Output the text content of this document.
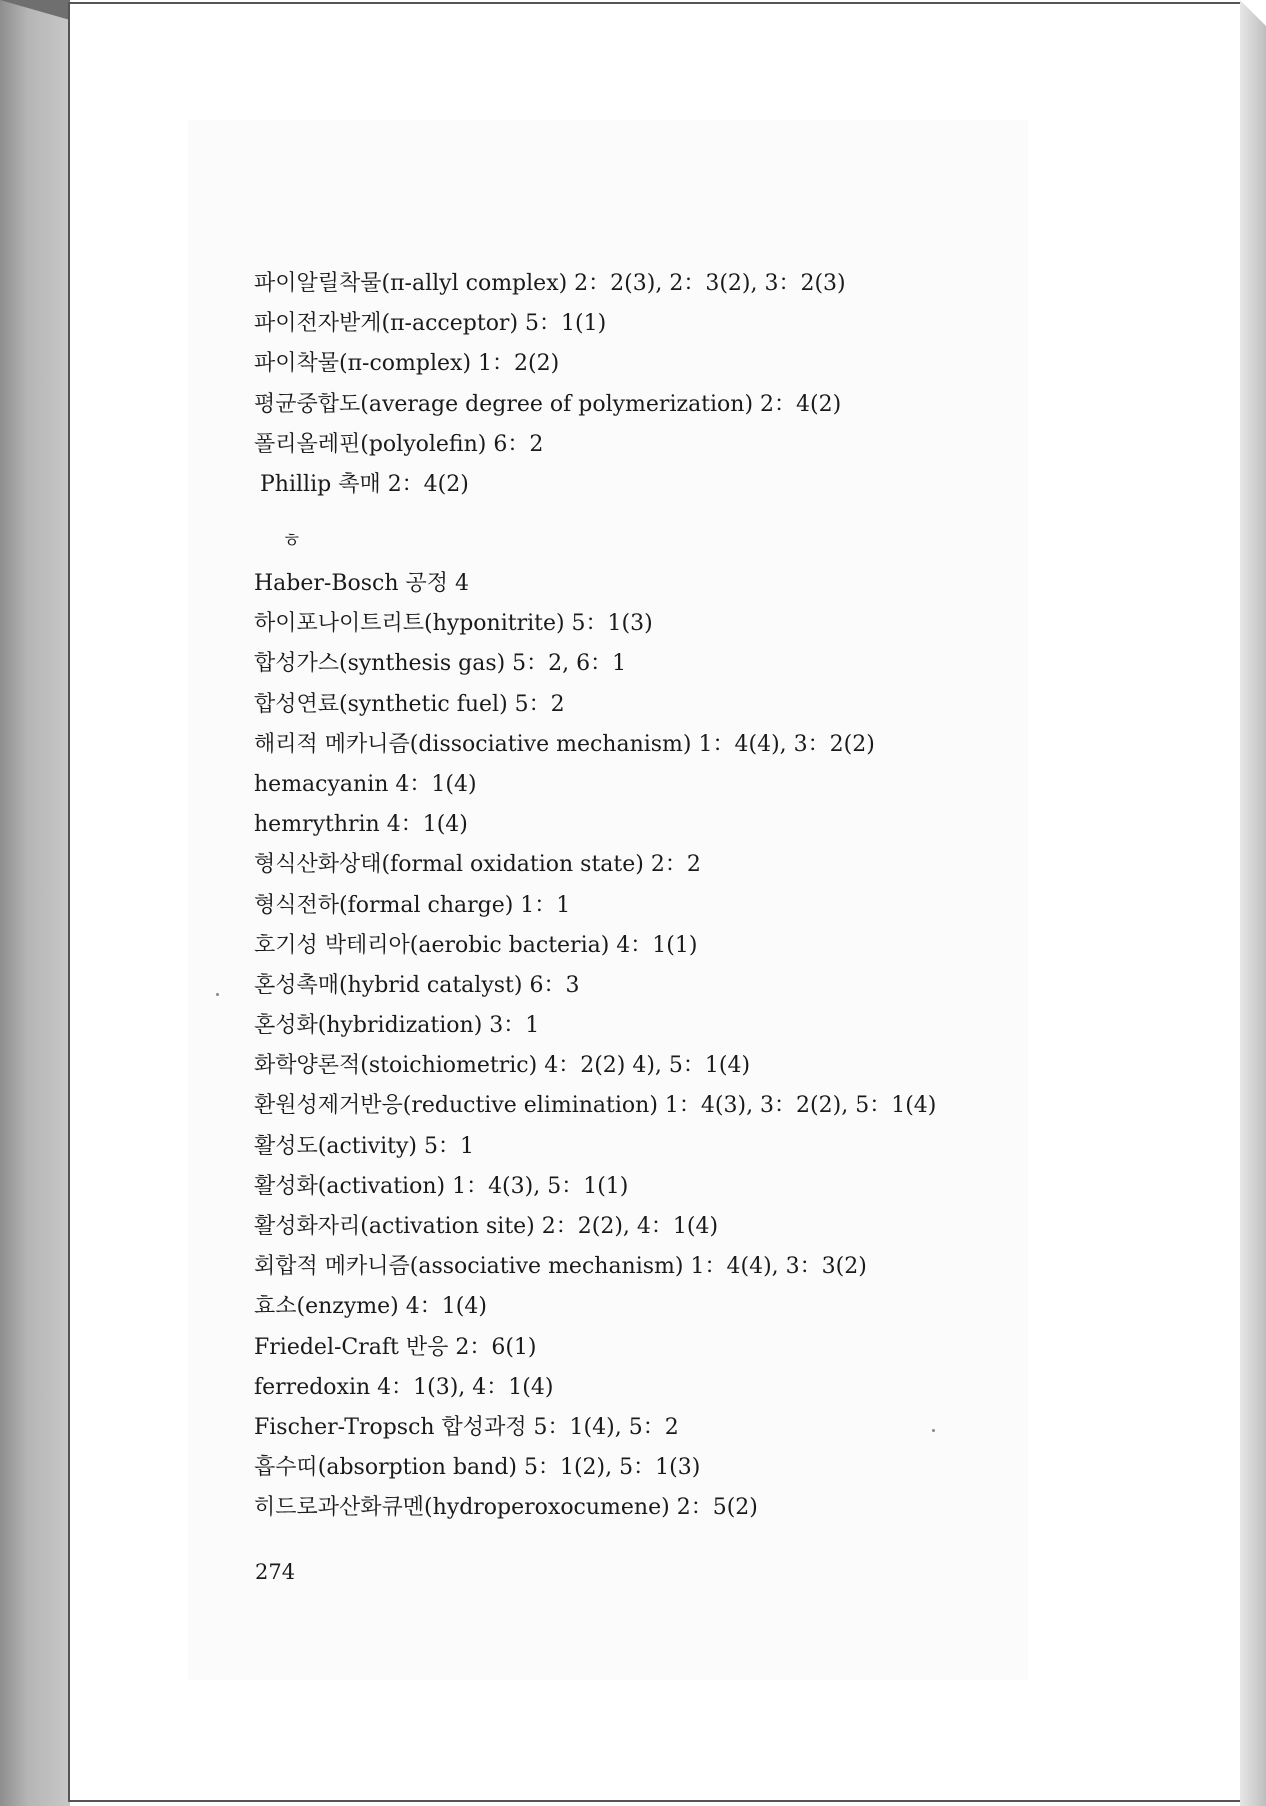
파이알릴착물(π-allyl complex) 2：2(3), 2：3(2), 3：2(3)
파이전자받게(π-acceptor) 5：1(1)
파이착물(π-complex) 1：2(2)
평균중합도(average degree of polymerization) 2：4(2)
폴리올레핀(polyolefin) 6：2
Phillip 촉매 2：4(2)
ㅎ
Haber-Bosch 공정 4
하이포나이트리트(hyponitrite) 5：1(3)
합성가스(synthesis gas) 5：2, 6：1
합성연료(synthetic fuel) 5：2
해리적 메카니즘(dissociative mechanism) 1：4(4), 3：2(2)
hemacyanin 4：1(4)
hemrythrin 4：1(4)
형식산화상태(formal oxidation state) 2：2
형식전하(formal charge) 1：1
호기성 박테리아(aerobic bacteria) 4：1(1)
혼성촉매(hybrid catalyst) 6：3
혼성화(hybridization) 3：1
화학양론적(stoichiometric) 4：2(2) 4), 5：1(4)
환원성제거반응(reductive elimination) 1：4(3), 3：2(2), 5：1(4)
활성도(activity) 5：1
활성화(activation) 1：4(3), 5：1(1)
활성화자리(activation site) 2：2(2), 4：1(4)
회합적 메카니즘(associative mechanism) 1：4(4), 3：3(2)
효소(enzyme) 4：1(4)
Friedel-Craft 반응 2：6(1)
ferredoxin 4：1(3), 4：1(4)
Fischer-Tropsch 합성과정 5：1(4), 5：2
흡수띠(absorption band) 5：1(2), 5：1(3)
히드로과산화큐멘(hydroperoxocumene) 2：5(2)
274
